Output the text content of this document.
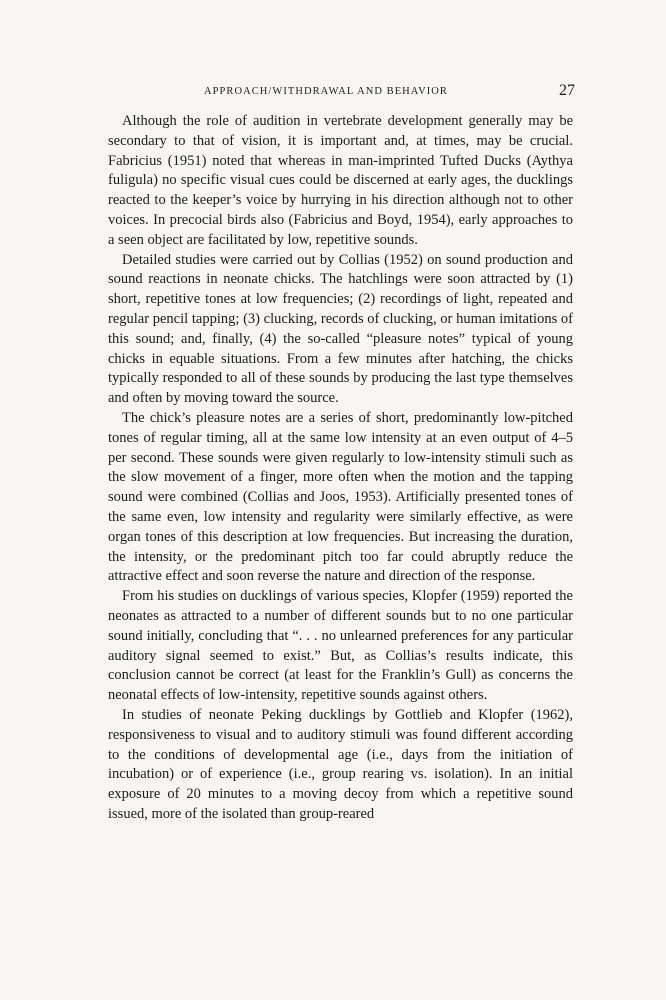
APPROACH/WITHDRAWAL AND BEHAVIOR	27

Although the role of audition in vertebrate development generally may be secondary to that of vision, it is important and, at times, may be crucial. Fabricius (1951) noted that whereas in man-imprinted Tufted Ducks (Aythya fuligula) no specific visual cues could be discerned at early ages, the ducklings reacted to the keeper’s voice by hurrying in his direction although not to other voices. In precocial birds also (Fabricius and Boyd, 1954), early approaches to a seen object are facilitated by low, repetitive sounds.

Detailed studies were carried out by Collias (1952) on sound production and sound reactions in neonate chicks. The hatchlings were soon attracted by (1) short, repetitive tones at low frequencies; (2) recordings of light, repeated and regular pencil tapping; (3) clucking, records of clucking, or human imitations of this sound; and, finally, (4) the so-called “pleasure notes” typical of young chicks in equable situations. From a few minutes after hatching, the chicks typically responded to all of these sounds by producing the last type themselves and often by moving toward the source.

The chick’s pleasure notes are a series of short, predominantly low-pitched tones of regular timing, all at the same low intensity at an even output of 4–5 per second. These sounds were given regularly to low-intensity stimuli such as the slow movement of a finger, more often when the motion and the tapping sound were combined (Collias and Joos, 1953). Artificially presented tones of the same even, low intensity and regularity were similarly effective, as were organ tones of this description at low frequencies. But increasing the duration, the intensity, or the predominant pitch too far could abruptly reduce the attractive effect and soon reverse the nature and direction of the response.

From his studies on ducklings of various species, Klopfer (1959) reported the neonates as attracted to a number of different sounds but to no one particular sound initially, concluding that “. . . no unlearned preferences for any particular auditory signal seemed to exist.” But, as Collias’s results indicate, this conclusion cannot be correct (at least for the Franklin’s Gull) as concerns the neonatal effects of low-intensity, repetitive sounds against others.

In studies of neonate Peking ducklings by Gottlieb and Klopfer (1962), responsiveness to visual and to auditory stimuli was found different according to the conditions of developmental age (i.e., days from the initiation of incubation) or of experience (i.e., group rearing vs. isolation). In an initial exposure of 20 minutes to a moving decoy from which a repetitive sound issued, more of the isolated than group-reared
